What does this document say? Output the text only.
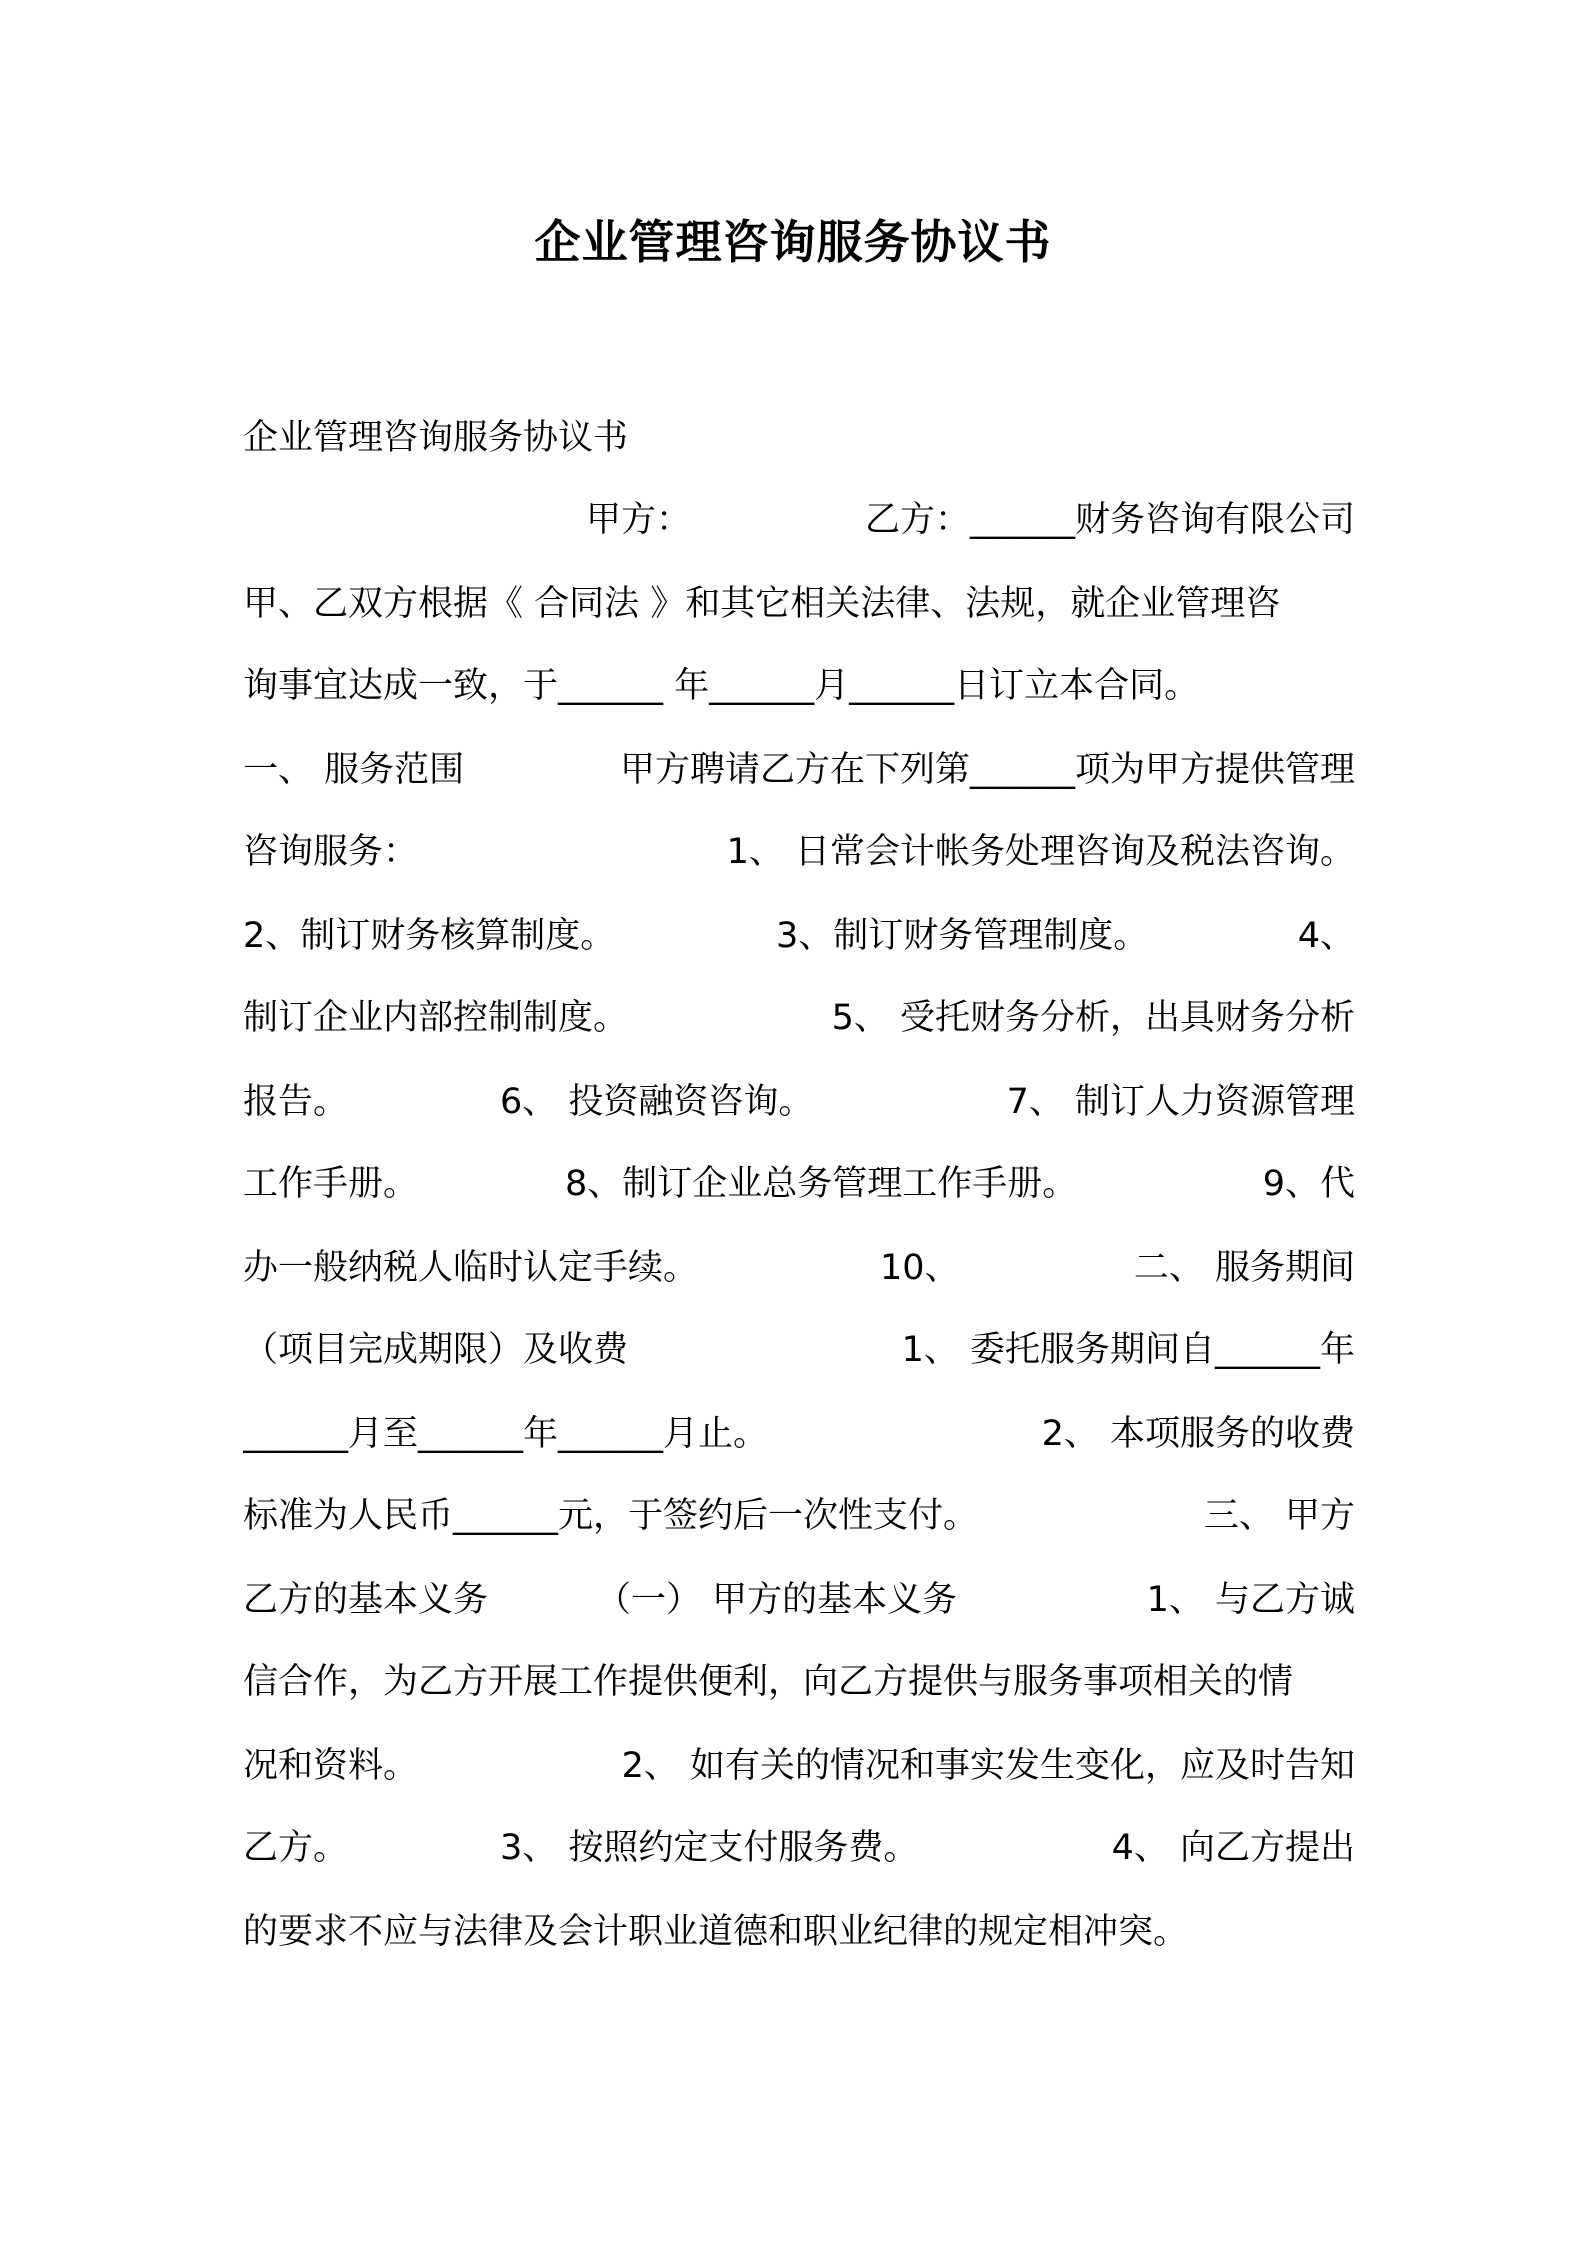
企业管理咨询服务协议书

企业管理咨询服务协议书

甲方：	乙方：______财务咨询有限公司
甲、乙双方根据《 合同法 》和其它相关法律、法规，就企业管理咨
询事宜达成一致，于______ 年______月______日订立本合同。
一、 服务范围	甲方聘请乙方在下列第______项为甲方提供管理
咨询服务：	1、 日常会计帐务处理咨询及税法咨询。
2、制订财务核算制度。	3、制订财务管理制度。	4、
制订企业内部控制制度。	5、 受托财务分析，出具财务分析
报告。	6、 投资融资咨询。	7、 制订人力资源管理
工作手册。	8、制订企业总务管理工作手册。	9、代
办一般纳税人临时认定手续。	10、	二、 服务期间
（项目完成期限）及收费	1、 委托服务期间自______年
______月至______年______月止。	2、 本项服务的收费
标准为人民币______元，于签约后一次性支付。	三、 甲方
乙方的基本义务	（一） 甲方的基本义务	1、 与乙方诚
信合作，为乙方开展工作提供便利，向乙方提供与服务事项相关的情
况和资料。	2、 如有关的情况和事实发生变化，应及时告知
乙方。	3、 按照约定支付服务费。	4、 向乙方提出
的要求不应与法律及会计职业道德和职业纪律的规定相冲突。
